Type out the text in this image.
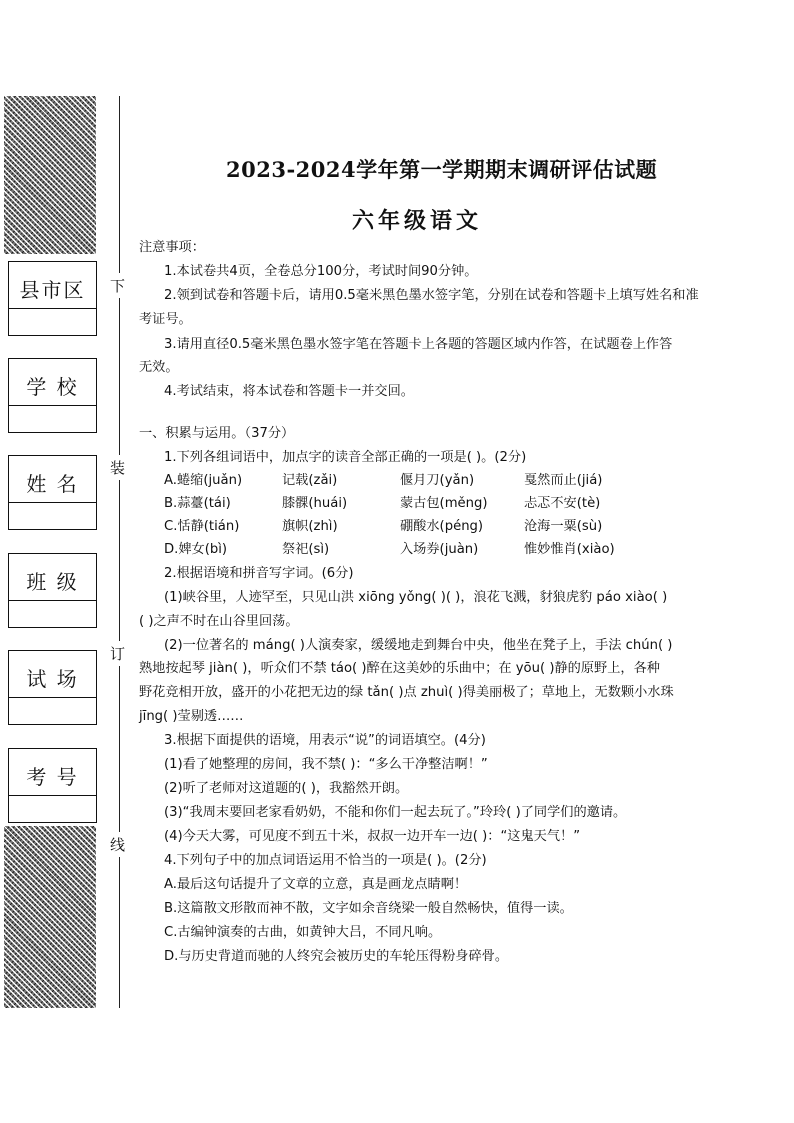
县市区
学 校
姓 名
班 级
试 场
考 号
下
装
订
线
2023-2024学年第一学期期末调研评估试题
六年级语文
注意事项：
1.本试卷共4页，全卷总分100分，考试时间90分钟。
2.领到试卷和答题卡后，请用0.5毫米黑色墨水签字笔，分别在试卷和答题卡上填写姓名和准
考证号。
3.请用直径0.5毫米黑色墨水签字笔在答题卡上各题的答题区域内作答，在试题卷上作答
无效。
4.考试结束，将本试卷和答题卡一并交回。
一、积累与运用。（37分）
1.下列各组词语中，加点字的读音全部正确的一项是( )。(2分)
A.蜷缩(juǎn)	记载(zǎi)	偃月刀(yǎn)	戛然而止(jiá)
B.蒜薹(tái)	膝髁(huái)	蒙古包(měng)	忐忑不安(tè)
C.恬静(tián)	旗帜(zhì)	硼酸水(péng)	沧海一粟(sù)
D.婢女(bì)	祭祀(sì)	入场券(juàn)	惟妙惟肖(xiào)
2.根据语境和拼音写字词。(6分)
(1)峡谷里，人迹罕至，只见山洪 xiōng yǒng( )( )，浪花飞溅，豺狼虎豹 páo xiào( )
( )之声不时在山谷里回荡。
(2)一位著名的 máng( )人演奏家，缓缓地走到舞台中央，他坐在凳子上，手法 chún( )
熟地按起琴 jiàn( )，听众们不禁 táo( )醉在这美妙的乐曲中；在 yōu( )静的原野上，各种
野花竞相开放，盛开的小花把无边的绿 tǎn( )点 zhuì( )得美丽极了；草地上，无数颗小水珠
jīng( )莹剔透……
3.根据下面提供的语境，用表示“说”的词语填空。(4分)
(1)看了她整理的房间，我不禁( )：“多么干净整洁啊！”
(2)听了老师对这道题的( )，我豁然开朗。
(3)“我周末要回老家看奶奶，不能和你们一起去玩了。”玲玲( )了同学们的邀请。
(4)今天大雾，可见度不到五十米，叔叔一边开车一边( )：“这鬼天气！”
4.下列句子中的加点词语运用不恰当的一项是( )。(2分)
A.最后这句话提升了文章的立意，真是画龙点睛啊！
B.这篇散文形散而神不散，文字如余音绕梁一般自然畅快，值得一读。
C.古编钟演奏的古曲，如黄钟大吕，不同凡响。
D.与历史背道而驰的人终究会被历史的车轮压得粉身碎骨。
